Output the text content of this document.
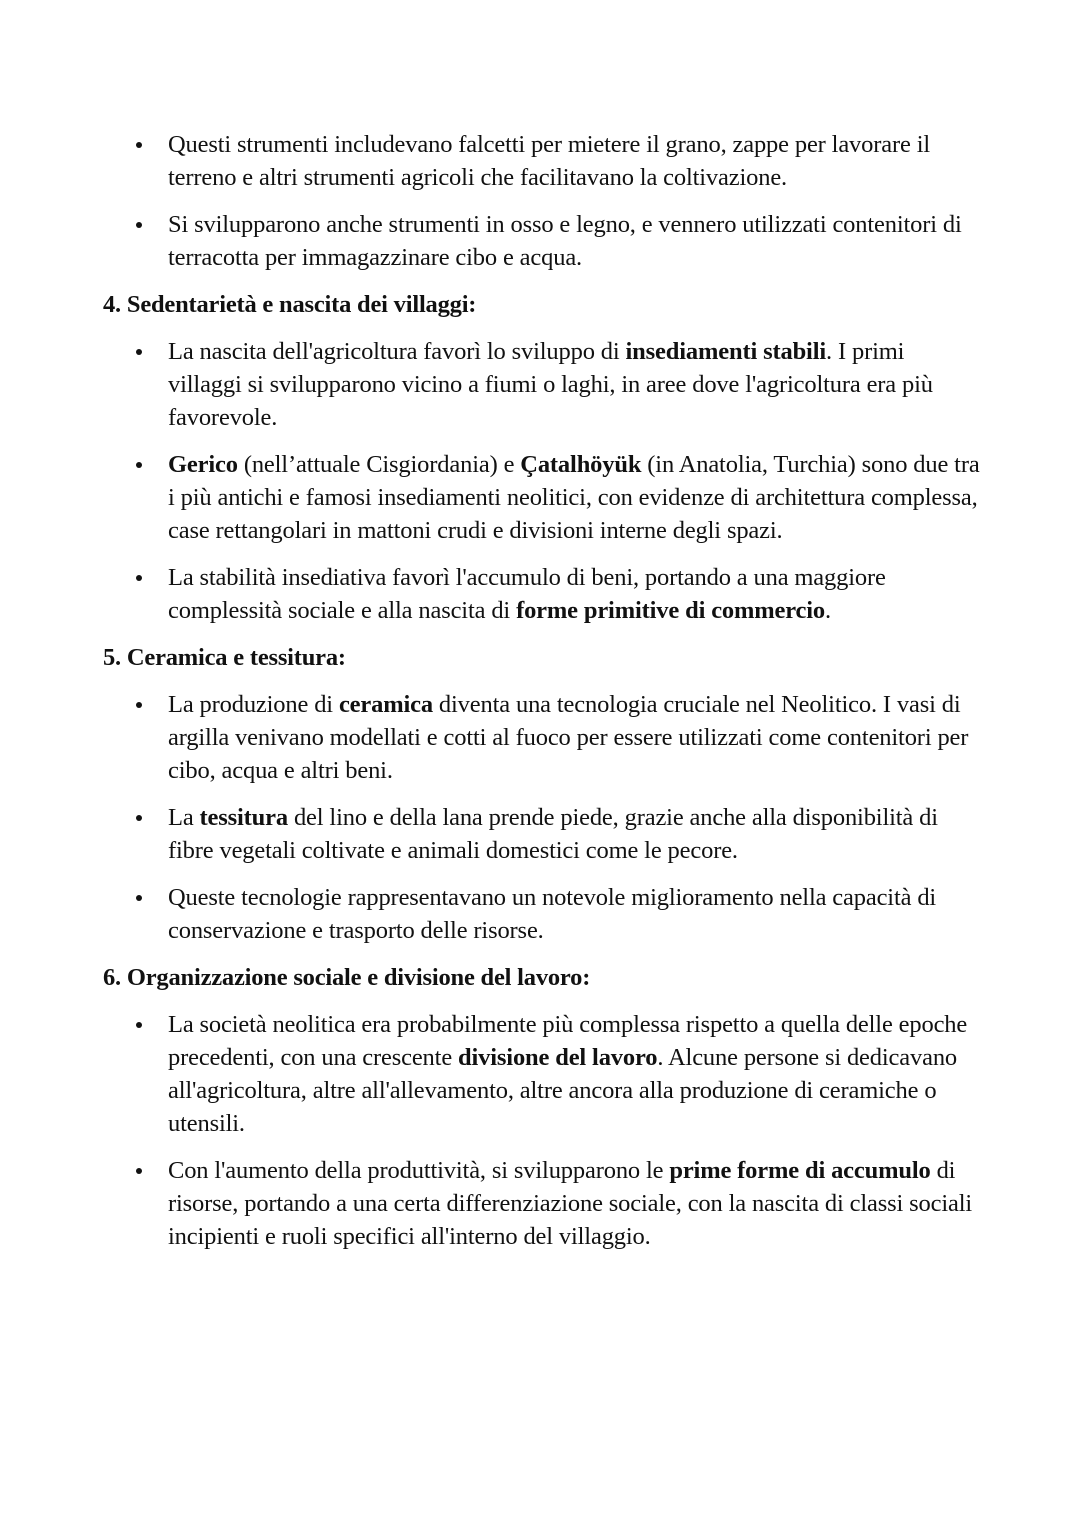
Questi strumenti includevano falcetti per mietere il grano, zappe per lavorare il terreno e altri strumenti agricoli che facilitavano la coltivazione.
Si svilupparono anche strumenti in osso e legno, e vennero utilizzati contenitori di terracotta per immagazzinare cibo e acqua.
4. Sedentarietà e nascita dei villaggi:
La nascita dell'agricoltura favorì lo sviluppo di insediamenti stabili. I primi villaggi si svilupparono vicino a fiumi o laghi, in aree dove l'agricoltura era più favorevole.
Gerico (nell’attuale Cisgiordania) e Çatalhöyük (in Anatolia, Turchia) sono due tra i più antichi e famosi insediamenti neolitici, con evidenze di architettura complessa, case rettangolari in mattoni crudi e divisioni interne degli spazi.
La stabilità insediativa favorì l'accumulo di beni, portando a una maggiore complessità sociale e alla nascita di forme primitive di commercio.
5. Ceramica e tessitura:
La produzione di ceramica diventa una tecnologia cruciale nel Neolitico. I vasi di argilla venivano modellati e cotti al fuoco per essere utilizzati come contenitori per cibo, acqua e altri beni.
La tessitura del lino e della lana prende piede, grazie anche alla disponibilità di fibre vegetali coltivate e animali domestici come le pecore.
Queste tecnologie rappresentavano un notevole miglioramento nella capacità di conservazione e trasporto delle risorse.
6. Organizzazione sociale e divisione del lavoro:
La società neolitica era probabilmente più complessa rispetto a quella delle epoche precedenti, con una crescente divisione del lavoro. Alcune persone si dedicavano all'agricoltura, altre all'allevamento, altre ancora alla produzione di ceramiche o utensili.
Con l'aumento della produttività, si svilupparono le prime forme di accumulo di risorse, portando a una certa differenziazione sociale, con la nascita di classi sociali incipienti e ruoli specifici all'interno del villaggio.
